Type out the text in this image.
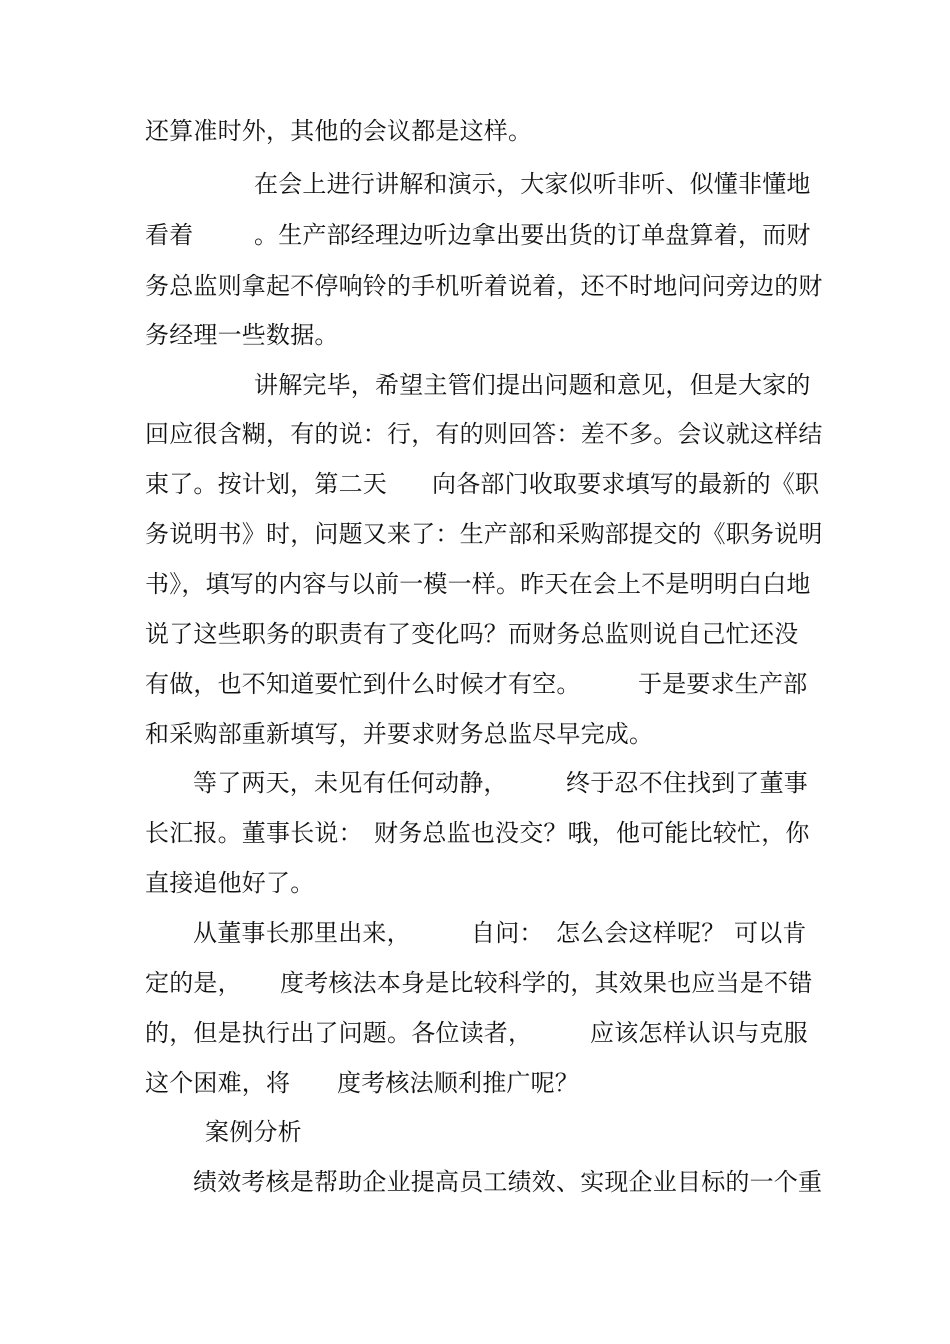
还算准时外，其他的会议都是这样。
在会上进行讲解和演示，大家似听非听、似懂非懂地
看着	。生产部经理边听边拿出要出货的订单盘算着，而财
务总监则拿起不停响铃的手机听着说着，还不时地问问旁边的财
务经理一些数据。
讲解完毕，希望主管们提出问题和意见，但是大家的
回应很含糊，有的说：行，有的则回答：差不多。会议就这样结
束了。按计划，第二天 向各部门收取要求填写的最新的《职
务说明书》时，问题又来了：生产部和采购部提交的《职务说明
书》，填写的内容与以前一模一样。昨天在会上不是明明白白地
说了这些职务的职责有了变化吗？而财务总监则说自己忙还没
有做，也不知道要忙到什么时候才有空。 于是要求生产部
和采购部重新填写，并要求财务总监尽早完成。
等了两天，未见有任何动静， 终于忍不住找到了董事
长汇报。董事长说： 财务总监也没交？哦，他可能比较忙，你
直接追他好了。
从董事长那里出来，	自问： 怎么会这样呢？ 可以肯
定的是， 度考核法本身是比较科学的，其效果也应当是不错
的，但是执行出了问题。各位读者， 应该怎样认识与克服
这个困难，将 度考核法顺利推广呢？
案例分析
绩效考核是帮助企业提高员工绩效、实现企业目标的一个重
